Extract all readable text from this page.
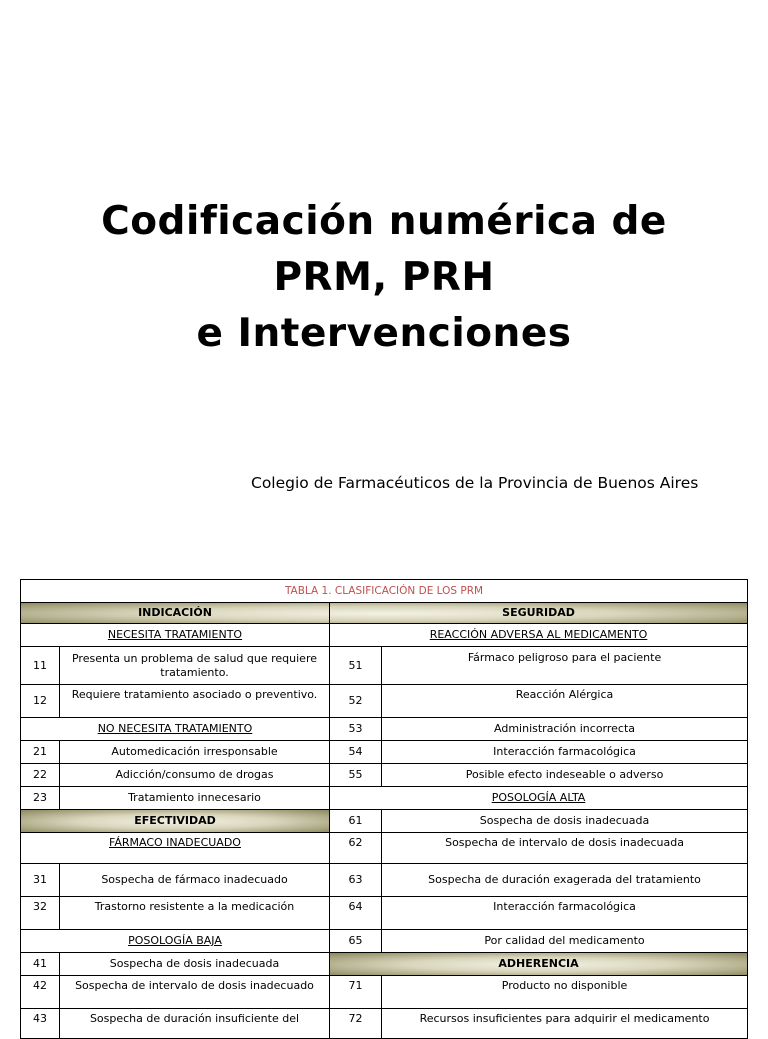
Codificación numérica de
PRM, PRH
e Intervenciones
Colegio de Farmacéuticos de la Provincia de Buenos Aires
TABLA 1. CLASIFICACIÓN DE LOS PRM			
INDICACIÓN		SEGURIDAD	
NECESITA TRATAMIENTO		REACCIÓN ADVERSA AL MEDICAMENTO	
11	Presenta un problema de salud que requiere tratamiento.	51	Fármaco peligroso para el paciente
12	Requiere tratamiento asociado o preventivo.	52	Reacción Alérgica
NO NECESITA TRATAMIENTO		53	Administración incorrecta
21	Automedicación irresponsable	54	Interacción farmacológica
22	Adicción/consumo de drogas	55	Posible efecto indeseable o adverso
23	Tratamiento innecesario	POSOLOGÍA ALTA	
EFECTIVIDAD		61	Sospecha de dosis inadecuada
FÁRMACO INADECUADO		62	Sospecha de intervalo de dosis inadecuada
31	Sospecha de fármaco inadecuado	63	Sospecha de duración exagerada del tratamiento
32	Trastorno resistente a la medicación	64	Interacción farmacológica
POSOLOGÍA BAJA		65	Por calidad del medicamento
41	Sospecha de dosis inadecuada	ADHERENCIA	
42	Sospecha de intervalo de dosis inadecuado	71	Producto no disponible
43	Sospecha de duración insuficiente del	72	Recursos insuficientes para adquirir el medicamento
